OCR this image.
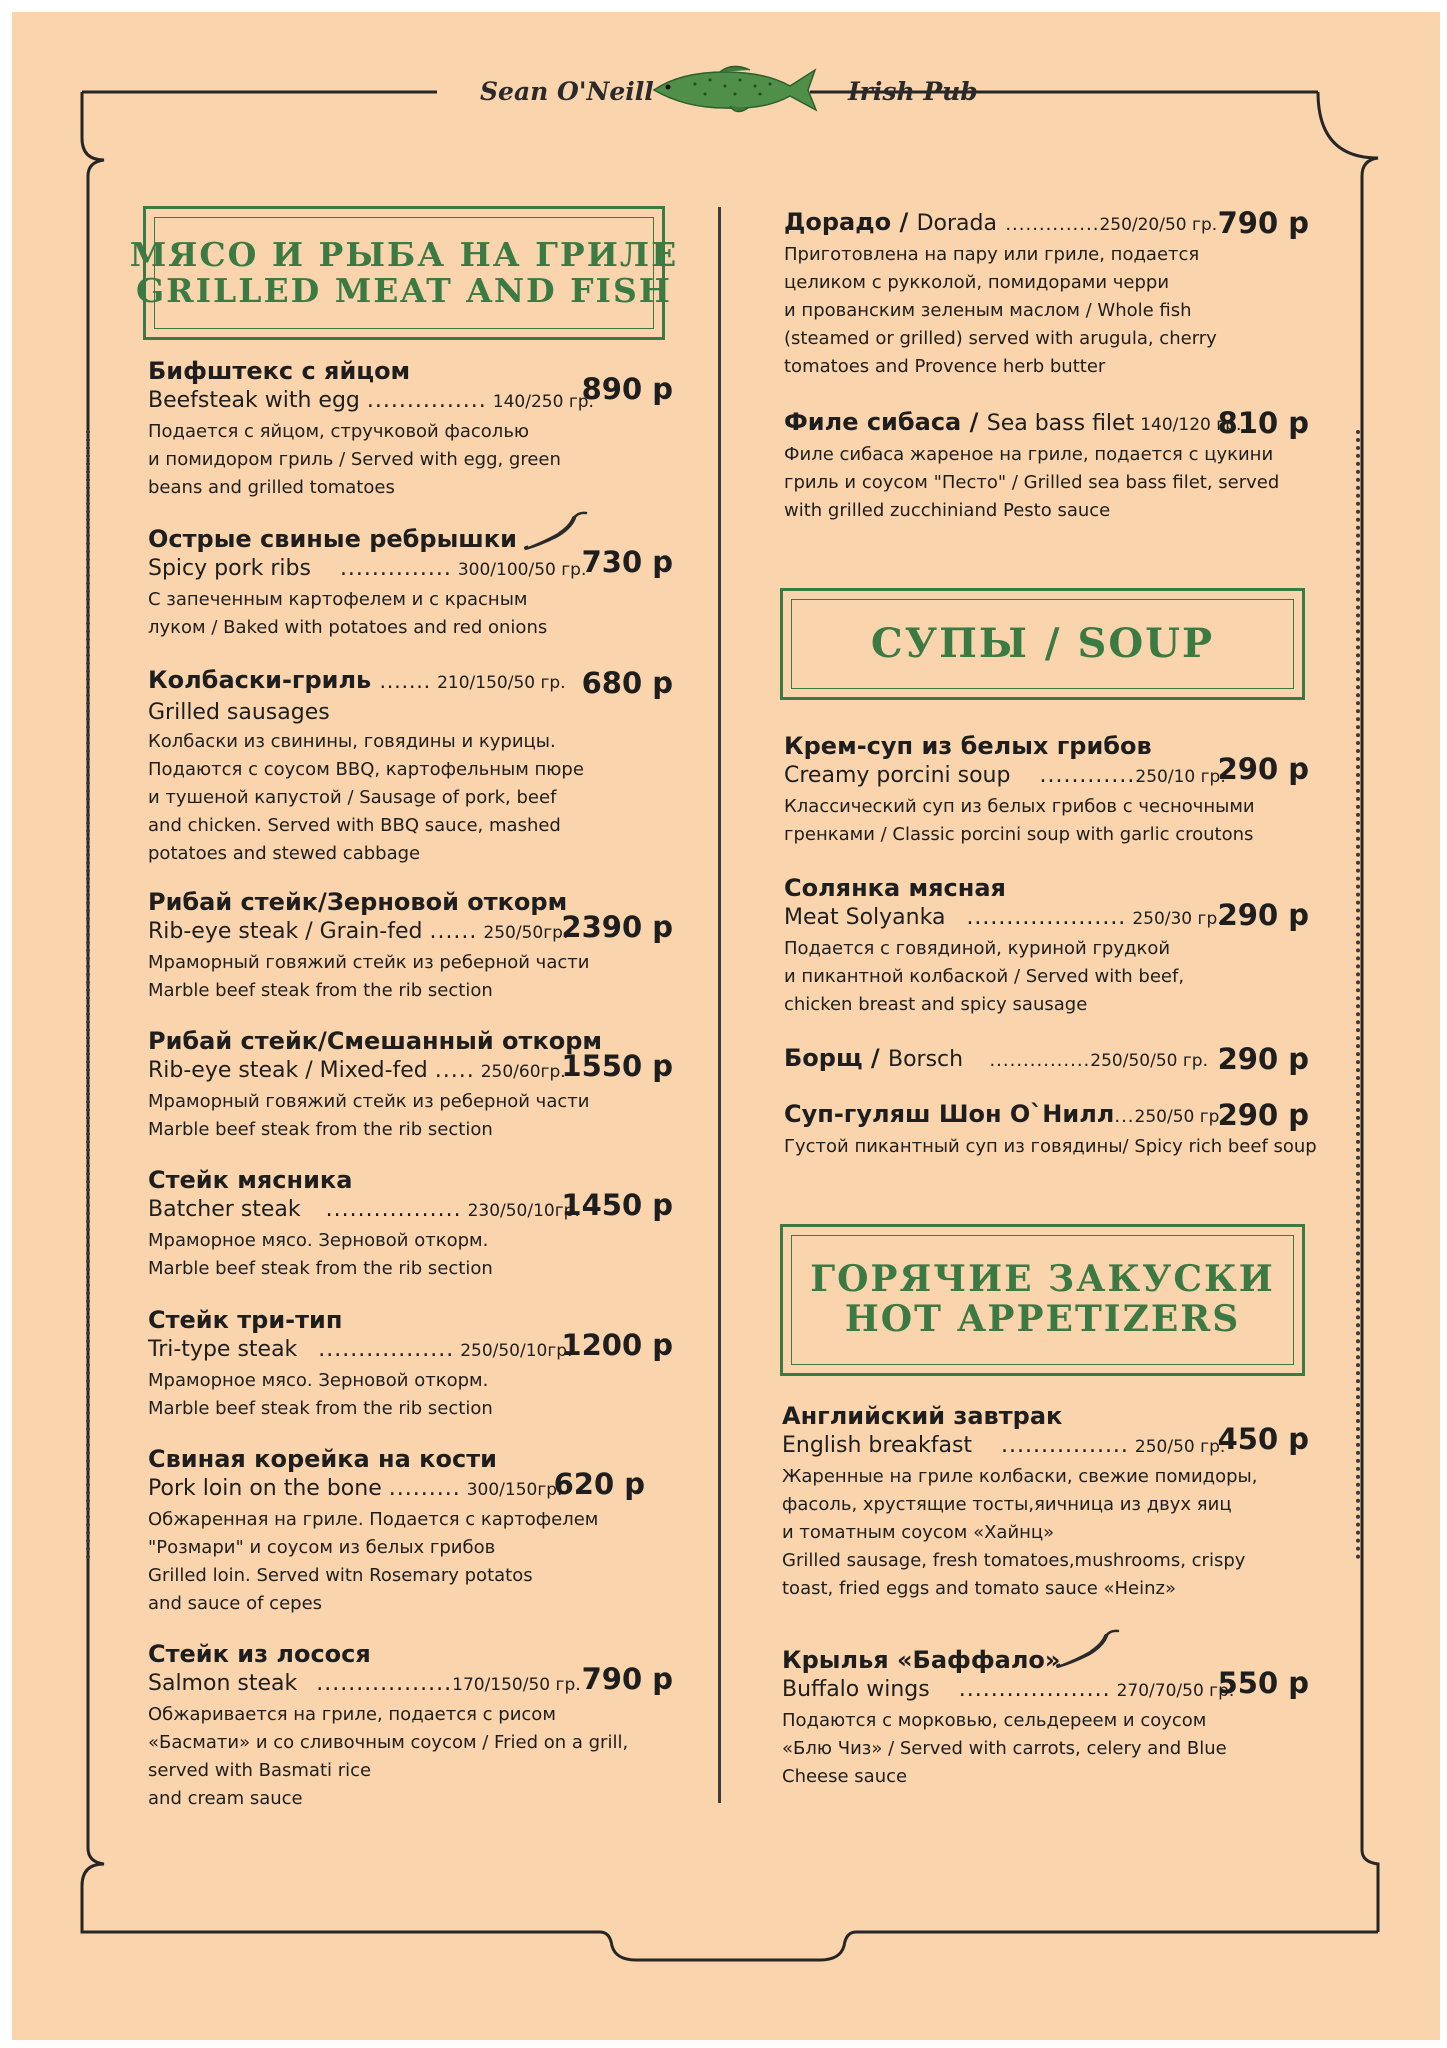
Sean O'Neill	Irish Pub
МЯСО И РЫБА НА ГРИЛЕ
GRILLED MEAT AND FISH
Бифштекс с яйцом
Beefsteak with egg ............... 140/250 гр.
890 р
Подается с яйцом, стручковой фасолью
и помидором гриль / Served with egg, green
beans and grilled tomatoes
Острые свиные ребрышки
Spicy pork ribs .............. 300/100/50 гр.
730 р
С запеченным картофелем и с красным
луком / Baked with potatoes and red onions
Колбаски-гриль ....... 210/150/50 гр.
Grilled sausages
680 р
Колбаски из свинины, говядины и курицы.
Подаются с соусом BBQ, картофельным пюре
и тушеной капустой / Sausage of pork, beef
and chicken. Served with BBQ sauce, mashed
potatoes and stewed cabbage
Рибай стейк/Зерновой откорм
Rib-eye steak / Grain-fed ...... 250/50гр.
2390 р
Мраморный говяжий стейк из реберной части
Marble beef steak from the rib section
Рибай стейк/Смешанный откорм
Rib-eye steak / Mixed-fed ..... 250/60гр.
1550 р
Мраморный говяжий стейк из реберной части
Marble beef steak from the rib section
Стейк мясника
Batcher steak ................. 230/50/10гр.
1450 р
Мраморное мясо. Зерновой откорм.
Marble beef steak from the rib section
Стейк три-тип
Tri-type steak ................. 250/50/10гр.
1200 р
Мраморное мясо. Зерновой откорм.
Marble beef steak from the rib section
Свиная корейка на кости
Pork loin on the bone ......... 300/150гр.
620 р
Обжаренная на гриле. Подается с картофелем
"Розмари" и соусом из белых грибов
Grilled loin. Served witn Rosemary potatos
and sauce of cepes
Стейк из лосося
Salmon steak .................170/150/50 гр. 790 р
Обжаривается на гриле, подается с рисом
«Басмати» и со сливочным соусом / Fried on a grill,
served with Basmati rice
and cream sauce
Дорадо / Dorada ..............250/20/50 гр. 790 р
Приготовлена на пару или гриле, подается
целиком с рукколой, помидорами черри
и прованским зеленым маслом / Whole fish
(steamed or grilled) served with arugula, cherry
tomatoes and Provence herb butter
Филе сибаса / Sea bass filet 140/120 гр.
810 р
Филе сибаса жареное на гриле, подается с цукини
гриль и соусом "Песто" / Grilled sea bass filet, served
with grilled zucchiniand Pesto sauce
СУПЫ / SOUP
Крем-суп из белых грибов
Creamy porcini soup ............250/10 гр.
290 р
Классический суп из белых грибов с чесночными
гренками / Classic porcini soup with garlic croutons
Солянка мясная
Meat Solyanka .................... 250/30 гр.
290 р
Подается с говядиной, куриной грудкой
и пикантной колбаской / Served with beef,
chicken breast and spicy sausage
Борщ / Borsch ...............250/50/50 гр. 290 р
Суп-гуляш Шон О`Нилл...250/50 гр.
290 р
Густой пикантный суп из говядины/ Spicy rich beef soup
ГОРЯЧИЕ ЗАКУСКИ
HOT APPETIZERS
Английский завтрак
English breakfast ................ 250/50 гр.
450 р
Жаренные на гриле колбаски, свежие помидоры,
фасоль, хрустящие тосты,яичница из двух яиц
и томатным соусом «Хайнц»
Grilled sausage, fresh tomatoes,mushrooms, crispy
toast, fried eggs and tomato sauce «Heinz»
Крылья «Баффало»
Buffalo wings ................... 270/70/50 гр.
550 р
Подаются с морковью, сельдереем и соусом
«Блю Чиз» / Served with carrots, celery and Blue
Cheese sauce
